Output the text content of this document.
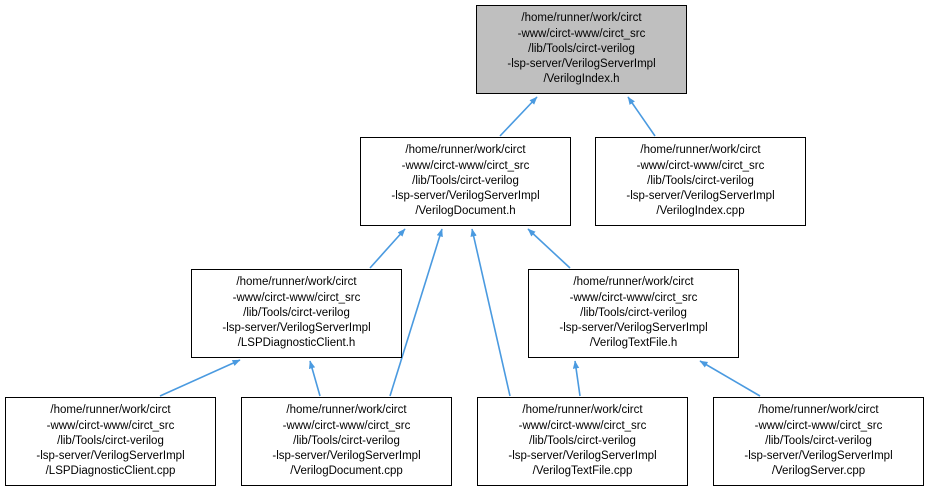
/home/runner/work/circt
-www/circt-www/circt_src
/lib/Tools/circt-verilog
-lsp-server/VerilogServerImpl
/VerilogIndex.h
/home/runner/work/circt
-www/circt-www/circt_src
/lib/Tools/circt-verilog
-lsp-server/VerilogServerImpl
/VerilogDocument.h
/home/runner/work/circt
-www/circt-www/circt_src
/lib/Tools/circt-verilog
-lsp-server/VerilogServerImpl
/VerilogIndex.cpp
/home/runner/work/circt
-www/circt-www/circt_src
/lib/Tools/circt-verilog
-lsp-server/VerilogServerImpl
/LSPDiagnosticClient.h
/home/runner/work/circt
-www/circt-www/circt_src
/lib/Tools/circt-verilog
-lsp-server/VerilogServerImpl
/VerilogTextFile.h
/home/runner/work/circt
-www/circt-www/circt_src
/lib/Tools/circt-verilog
-lsp-server/VerilogServerImpl
/LSPDiagnosticClient.cpp
/home/runner/work/circt
-www/circt-www/circt_src
/lib/Tools/circt-verilog
-lsp-server/VerilogServerImpl
/VerilogDocument.cpp
/home/runner/work/circt
-www/circt-www/circt_src
/lib/Tools/circt-verilog
-lsp-server/VerilogServerImpl
/VerilogTextFile.cpp
/home/runner/work/circt
-www/circt-www/circt_src
/lib/Tools/circt-verilog
-lsp-server/VerilogServerImpl
/VerilogServer.cpp
